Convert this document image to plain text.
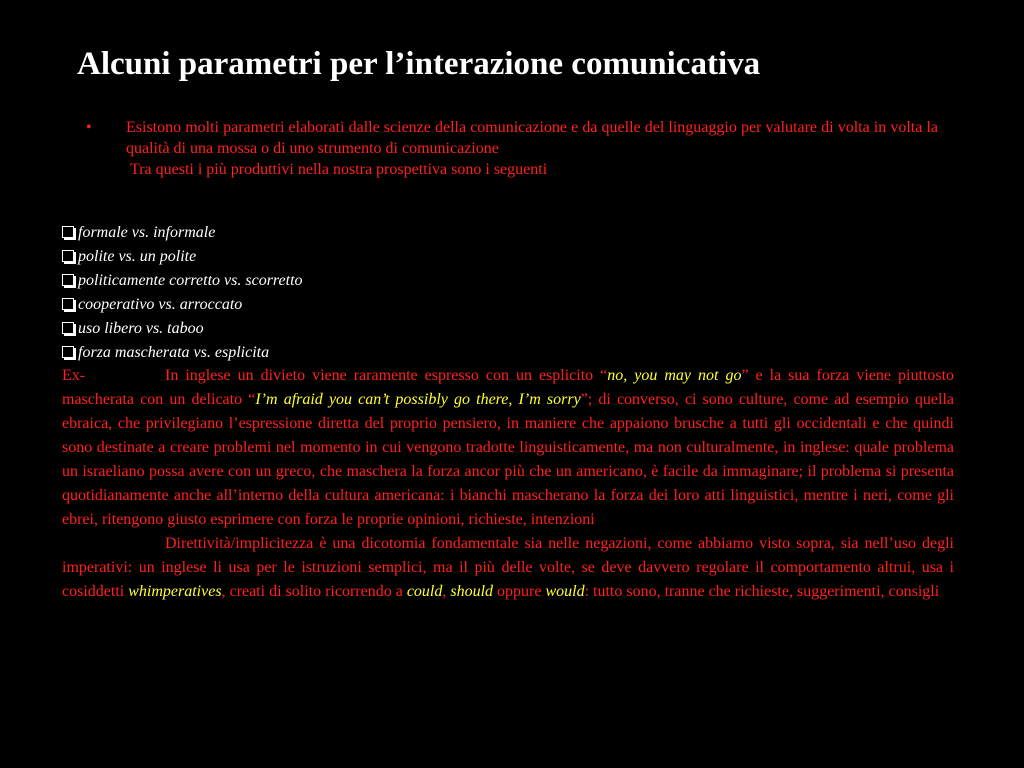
Alcuni parametri per l’interazione comunicativa
• Esistono molti parametri elaborati dalle scienze della comunicazione e da quelle del linguaggio per valutare di volta in volta la qualità di una mossa o di uno strumento di comunicazione
Tra questi i più produttivi nella nostra prospettiva sono i seguenti
formale vs. informale
polite vs. un polite
politicamente corretto vs. scorretto
cooperativo vs. arroccato
uso libero vs. taboo
forza mascherata vs. esplicita

Ex-	In inglese un divieto viene raramente espresso con un esplicito “no, you may not go” e la sua forza viene piuttosto mascherata con un delicato “I’m afraid you can’t possibly go there, I’m sorry”; di converso, ci sono culture, come ad esempio quella ebraica, che privilegiano l’espressione diretta del proprio pensiero, in maniere che appaiono brusche a tutti gli occidentali e che quindi sono destinate a creare problemi nel momento in cui vengono tradotte linguisticamente, ma non culturalmente, in inglese: quale problema un israeliano possa avere con un greco, che maschera la forza ancor più che un americano, è facile da immaginare; il problema si presenta quotidianamente anche all’interno della cultura americana: i bianchi mascherano la forza dei loro atti linguistici, mentre i neri, come gli ebrei, ritengono giusto esprimere con forza le proprie opinioni, richieste, intenzioni

Direttività/implicitezza è una dicotomia fondamentale sia nelle negazioni, come abbiamo visto sopra, sia nell’uso degli imperativi: un inglese li usa per le istruzioni semplici, ma il più delle volte, se deve davvero regolare il comportamento altrui, usa i cosiddetti whimperatives, creati di solito ricorrendo a could, should oppure would: tutto sono, tranne che richieste, suggerimenti, consigli
